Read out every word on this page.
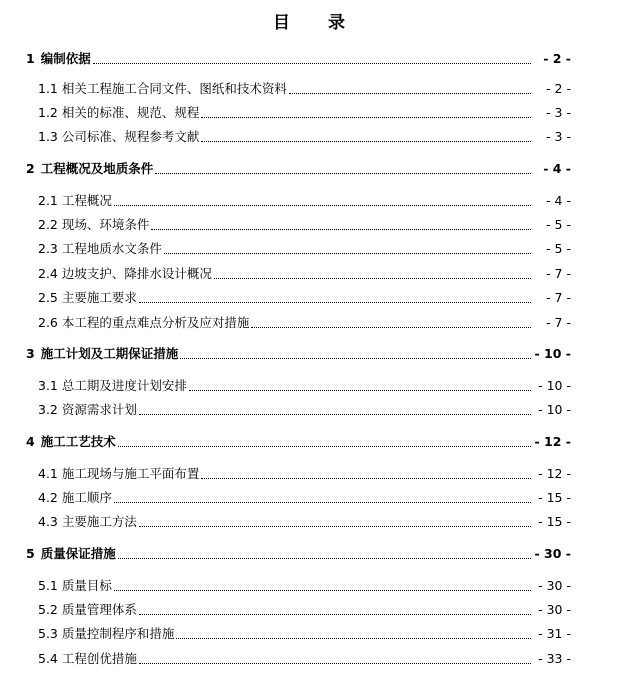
目 录
1 编制依据	- 2 -
1.1 相关工程施工合同文件、图纸和技术资料	- 2 -
1.2 相关的标准、规范、规程	- 3 -
1.3 公司标准、规程参考文献	- 3 -
2 工程概况及地质条件	- 4 -
2.1 工程概况	- 4 -
2.2 现场、环境条件	- 5 -
2.3 工程地质水文条件	- 5 -
2.4 边坡支护、降排水设计概况	- 7 -
2.5 主要施工要求	- 7 -
2.6 本工程的重点难点分析及应对措施	- 7 -
3 施工计划及工期保证措施	- 10 -
3.1 总工期及进度计划安排	- 10 -
3.2 资源需求计划	- 10 -
4 施工工艺技术	- 12 -
4.1 施工现场与施工平面布置	- 12 -
4.2 施工顺序	- 15 -
4.3 主要施工方法	- 15 -
5 质量保证措施	- 30 -
5.1 质量目标	- 30 -
5.2 质量管理体系	- 30 -
5.3 质量控制程序和措施	- 31 -
5.4 工程创优措施	- 33 -
